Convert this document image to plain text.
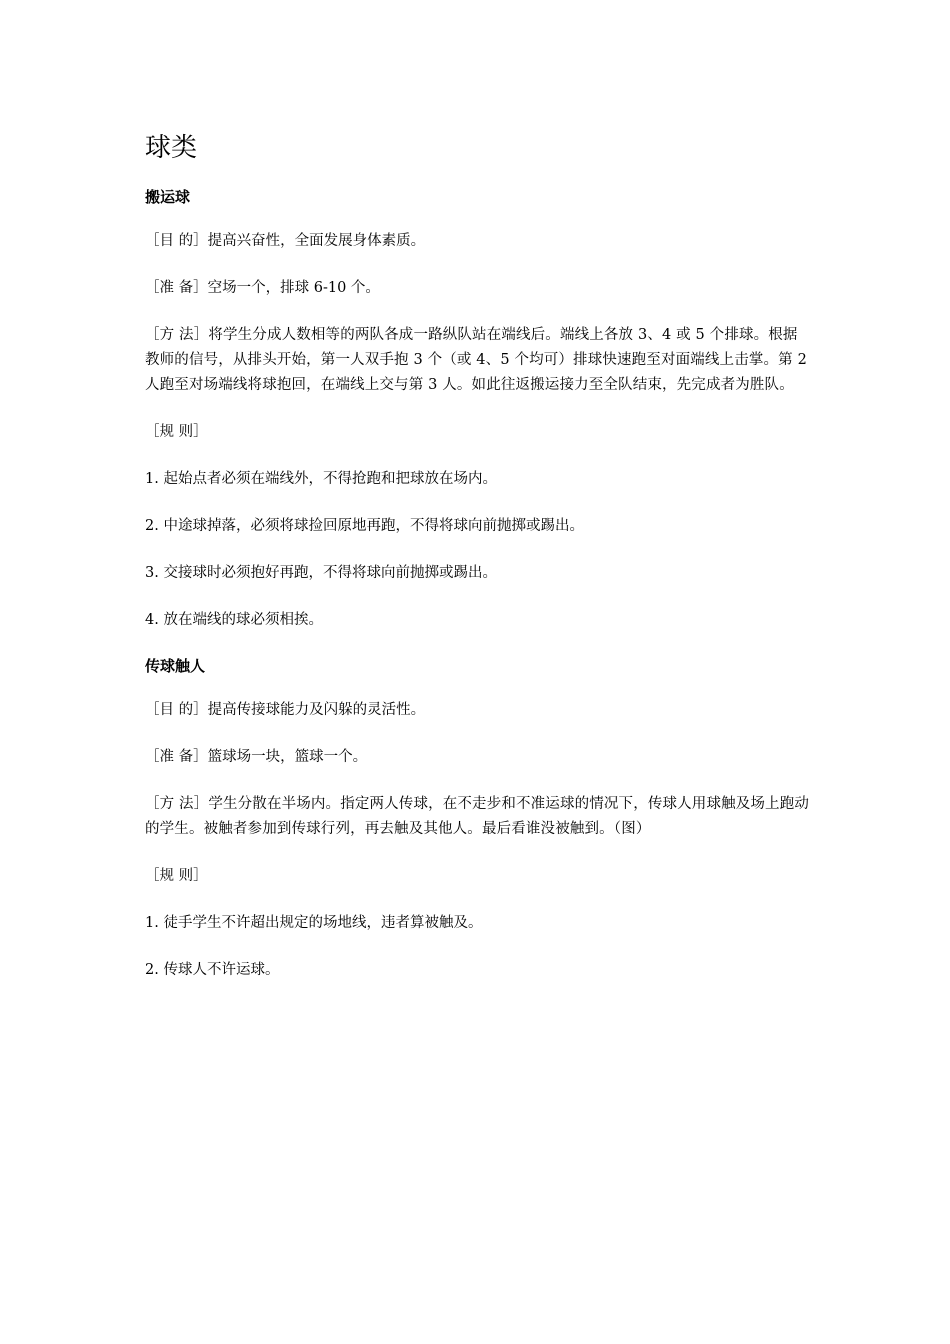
球类
搬运球

［目 的］提高兴奋性，全面发展身体素质。

［准 备］空场一个，排球 6-10 个。

［方 法］将学生分成人数相等的两队各成一路纵队站在端线后。端线上各放 3、4 或 5 个排球。根据教师的信号，从排头开始，第一人双手抱 3 个（或 4、5 个均可）排球快速跑至对面端线上击掌。第 2 人跑至对场端线将球抱回，在端线上交与第 3 人。如此往返搬运接力至全队结束，先完成者为胜队。

［规 则］

1. 起始点者必须在端线外，不得抢跑和把球放在场内。

2. 中途球掉落，必须将球捡回原地再跑，不得将球向前抛掷或踢出。

3. 交接球时必须抱好再跑，不得将球向前抛掷或踢出。

4. 放在端线的球必须相挨。

传球触人

［目 的］提高传接球能力及闪躲的灵活性。

［准 备］篮球场一块，篮球一个。

［方 法］学生分散在半场内。指定两人传球，在不走步和不准运球的情况下，传球人用球触及场上跑动的学生。被触者参加到传球行列，再去触及其他人。最后看谁没被触到。（图）

［规 则］

1. 徒手学生不许超出规定的场地线，违者算被触及。

2. 传球人不许运球。
